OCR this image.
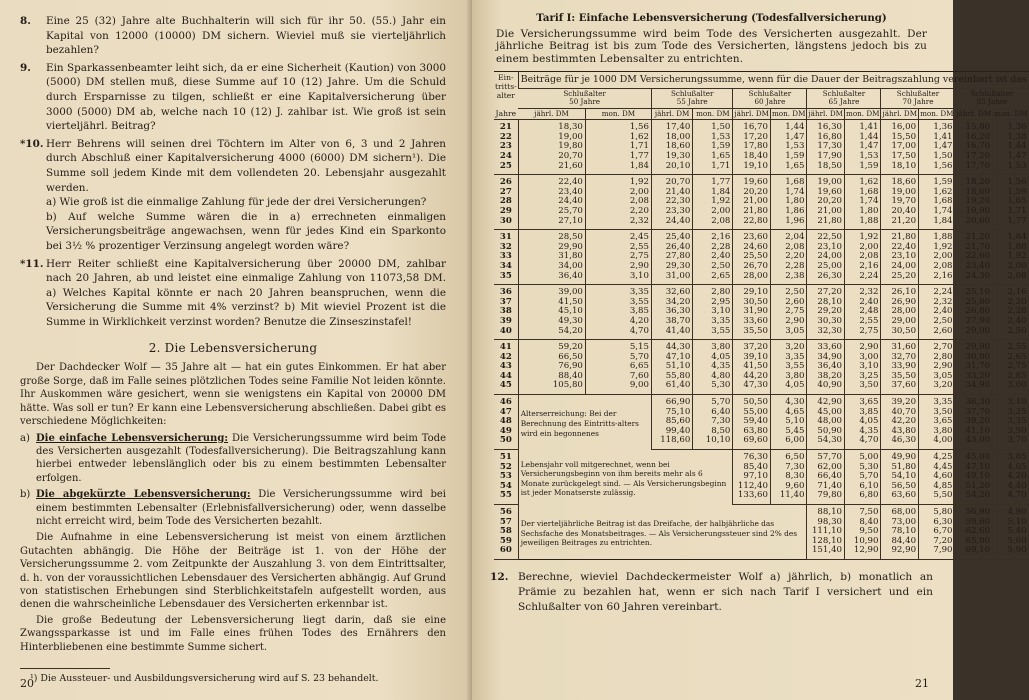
8.	Eine 25 (32) Jahre alte Buchhalterin will sich für ihr 50. (55.) Jahr ein Kapital von 12000 (10000) DM sichern. Wieviel muß sie vierteljährlich bezahlen?
9.	Ein Sparkassenbeamter leiht sich, da er eine Sicherheit (Kaution) von 3000 (5000) DM stellen muß, diese Summe auf 10 (12) Jahre. Um die Schuld durch Ersparnisse zu tilgen, schließt er eine Kapitalversicherung über 3000 (5000) DM ab, welche nach 10 (12) J. zahlbar ist. Wie groß ist sein vierteljährl. Beitrag?
*10. Herr Behrens will seinen drei Töchtern im Alter von 6, 3 und 2 Jahren durch Abschluß einer Kapitalversicherung 4000 (6000) DM sichern¹). Die Summe soll jedem Kinde mit dem vollendeten 20. Lebensjahr ausgezahlt werden.
a) Wie groß ist die einmalige Zahlung für jede der drei Versicherungen?
b) Auf welche Summe wären die in a) errechneten einmaligen Versicherungsbeiträge angewachsen, wenn für jedes Kind ein Sparkonto bei 3½ % prozentiger Verzinsung angelegt worden wäre?
*11. Herr Reiter schließt eine Kapitalversicherung über 20000 DM, zahlbar nach 20 Jahren, ab und leistet eine einmalige Zahlung von 11073,58 DM. a) Welches Kapital könnte er nach 20 Jahren beanspruchen, wenn die Versicherung die Summe mit 4% verzinst? b) Mit wieviel Prozent ist die Summe in Wirklichkeit verzinst worden? Benutze die Zinseszinstafel!
2. Die Lebensversicherung

Der Dachdecker Wolf — 35 Jahre alt — hat ein gutes Einkommen. Er hat aber große Sorge, daß im Falle seines plötzlichen Todes seine Familie Not leiden könnte. Ihr Auskommen wäre gesichert, wenn sie wenigstens ein Kapital von 20000 DM hätte. Was soll er tun? Er kann eine Lebensversicherung abschließen. Dabei gibt es verschiedene Möglichkeiten:

a) Die einfache Lebensversicherung: Die Versicherungssumme wird beim Tode des Versicherten ausgezahlt (Todesfallversicherung). Die Beitragszahlung kann hierbei entweder lebenslänglich oder bis zu einem bestimmten Lebensalter erfolgen.
b) Die abgekürzte Lebensversicherung: Die Versicherungssumme wird bei einem bestimmten Lebensalter (Erlebnisfallversicherung) oder, wenn dasselbe nicht erreicht wird, beim Tode des Versicherten bezahlt.

Die Aufnahme in eine Lebensversicherung ist meist von einem ärztlichen Gutachten abhängig. Die Höhe der Beiträge ist 1. von der Höhe der Versicherungssumme 2. vom Zeitpunkte der Auszahlung 3. von dem Eintrittsalter, d. h. von der voraussichtlichen Lebensdauer des Versicherten abhängig. Auf Grund von statistischen Erhebungen sind Sterblichkeitstafeln aufgestellt worden, aus denen die wahrscheinliche Lebensdauer des Versicherten erkennbar ist.

Die große Bedeutung der Lebensversicherung liegt darin, daß sie eine Zwangssparkasse ist und im Falle eines frühen Todes des Ernährers den Hinterbliebenen eine bestimmte Summe sichert.

¹) Die Aussteuer- und Ausbildungsversicherung wird auf S. 23 behandelt.
20
Tarif I: Einfache Lebensversicherung (Todesfallversicherung)
Die Versicherungssumme wird beim Tode des Versicherten ausgezahlt. Der jährliche Beitrag ist bis zum Tode des Versicherten, längstens jedoch bis zu einem bestimmten Lebensalter zu entrichten.
Ein-
tritts-
alter

Jahre	Beiträge für je 1000 DM Versicherungssumme, wenn für die Dauer der Beitragszahlung vereinbart ist das											
	Schlußalter
50 Jahre		Schlußalter
55 Jahre		Schlußalter
60 Jahre		Schlußalter
65 Jahre		Schlußalter
70 Jahre		Schlußalter
85 Jahre	
	jährl. DM	mon. DM	jährl. DM	mon. DM	jährl. DM	mon. DM	jährl. DM	mon. DM	jährl. DM	mon. DM	jährl. DM	mon. DM
21	18,30	1,56	17,40	1,50	16,70	1,44	16,30	1,41	16,00	1,36	15,80	1,36
22	19,00	1,62	18,00	1,53	17,20	1,47	16,80	1,44	15,50	1,41	16,20	1,38
23	19,80	1,71	18,60	1,59	17,80	1,53	17,30	1,47	17,00	1,47	16,70	1,44
24	20,70	1,77	19,30	1,65	18,40	1,59	17,90	1,53	17,50	1,50	17,20	1,47
25	21,60	1,84	20,10	1,71	19,10	1,65	18,50	1,59	18,10	1,56	17,70	1,53
26	22,40	1,92	20,70	1,77	19,60	1,68	19,00	1,62	18,60	1,59	18,20	1,56
27	23,40	2,00	21,40	1,84	20,20	1,74	19,60	1,68	19,00	1,62	18,60	1,59
28	24,40	2,08	22,30	1,92	21,00	1,80	20,20	1,74	19,70	1,68	19,20	1,65
29	25,70	2,20	23,30	2,00	21,80	1,86	21,00	1,80	20,40	1,74	19,90	1,71
30	27,10	2,32	24,40	2,08	22,80	1,96	21,80	1,88	21,20	1,84	20,60	1,77
31	28,50	2,45	25,40	2,16	23,60	2,04	22,50	1,92	21,80	1,88	21,20	1,84
32	29,90	2,55	26,40	2,28	24,60	2,08	23,10	2,00	22,40	1,92	21,70	1,88
33	31,80	2,75	27,80	2,40	25,50	2,20	24,00	2,08	23,10	2,00	22,60	1,92
34	34,00	2,90	29,30	2,50	26,70	2,28	25,00	2,16	24,00	2,08	23,40	2,00
35	36,40	3,10	31,00	2,65	28,00	2,38	26,30	2,24	25,20	2,16	24,30	2,08
36	39,00	3,35	32,60	2,80	29,10	2,50	27,20	2,32	26,10	2,24	25,10	2,16
37	41,50	3,55	34,20	2,95	30,50	2,60	28,10	2,40	26,90	2,32	25,80	2,20
38	45,10	3,85	36,30	3,10	31,90	2,75	29,20	2,48	28,00	2,40	26,80	2,28
39	49,30	4,20	38,70	3,35	33,60	2,90	30,30	2,55	29,00	2,50	27,90	2,40
40	54,20	4,70	41,40	3,55	35,50	3,05	32,30	2,75	30,50	2,60	29,00	2,50
41	59,20	5,15	44,30	3,80	37,20	3,20	33,60	2,90	31,60	2,70	29,90	2,55
42	66,50	5,70	47,10	4,05	39,10	3,35	34,90	3,00	32,70	2,80	30,80	2,65
43	76,90	6,65	51,10	4,35	41,50	3,55	36,40	3,10	33,90	2,90	31,70	2,75
44	88,40	7,60	55,80	4,80	44,20	3,80	38,20	3,25	35,50	3,05	33,20	2,85
45	105,80	9,00	61,40	5,30	47,30	4,05	40,90	3,50	37,60	3,20	34,90	3,00
46	Alterserreichung: Bei der Berechnung des Eintritts-alters wird ein begonnenes		66,90	5,70	50,50	4,30	42,90	3,65	39,20	3,35	36,30	3,10
47			75,10	6,40	55,00	4,65	45,00	3,85	40,70	3,50	37,70	3,25
48			85,60	7,30	59,40	5,10	48,00	4,05	42,20	3,65	39,20	3,35
49			99,40	8,50	63,80	5,45	50,90	4,35	43,80	3,80	41,10	3,50
50			118,60	10,10	69,60	6,00	54,30	4,70	46,30	4,00	43,00	3,70
51	Lebensjahr voll mitgerechnet, wenn bei Versicherungsbeginn von ihm bereits mehr als 6 Monate zurückgelegt sind. — Als Versicherungsbeginn ist jeder Monatserste zulässig.				76,30	6,50	57,70	5,00	49,90	4,25	45,00	3,85
52					85,40	7,30	62,00	5,30	51,80	4,45	47,10	4,05
53					97,10	8,30	66,40	5,70	54,10	4,60	49,10	4,20
54					112,40	9,60	71,40	6,10	56,50	4,85	51,20	4,40
55					133,60	11,40	79,80	6,80	63,60	5,50	54,20	4,70
56	Der vierteljährliche Beitrag ist das Dreifache, der halbjährliche das Sechsfache des Monatsbeitrages. — Als Versicherungssteuer sind 2% des jeweiligen Beitrages zu entrichten.						88,10	7,50	68,00	5,80	56,90	4,90
57							98,30	8,40	73,00	6,30	59,60	5,10
58							111,10	9,50	78,10	6,70	62,60	5,40
59							128,10	10,90	84,40	7,20	65,80	5,60
60							151,40	12,90	92,90	7,90	69,10	5,90
12. Berechne, wieviel Dachdeckermeister Wolf a) jährlich, b) monatlich an Prämie zu bezahlen hat, wenn er sich nach Tarif I versichert und ein Schlußalter von 60 Jahren vereinbart.
21
